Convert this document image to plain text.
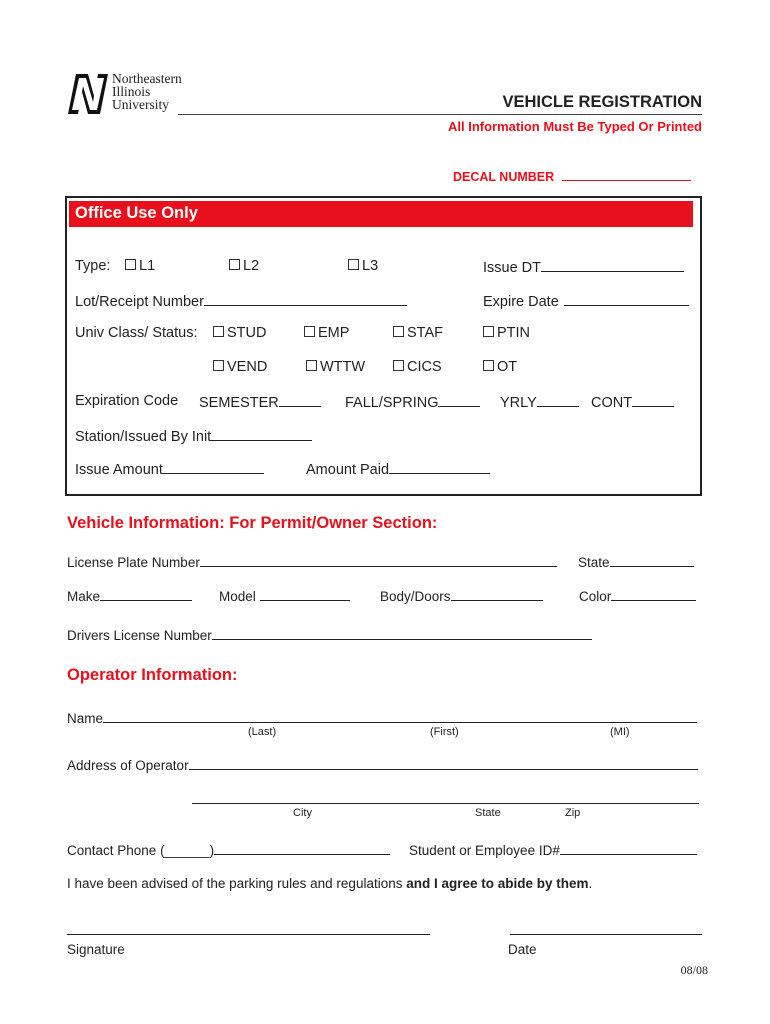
Northeastern
Illinois
University	VEHICLE REGISTRATION
All Information Must Be Typed Or Printed
DECAL NUMBER
Office Use Only
Type:	L1	L2	L3	Issue DT
Lot/Receipt Number	Expire Date
Univ Class/ Status:	STUD	EMP	STAF	PTIN
VEND	WTTW	CICS	OT
Expiration Code SEMESTER	FALL/SPRING	YRLY	CONT
Station/Issued By Init
Issue Amount	Amount Paid
Vehicle Information: For Permit/Owner Section:
License Plate Number	State
Make	Model	Body/Doors	Color
Drivers License Number
Operator Information:
Name
(Last)	(First)	(MI)
Address of Operator
City	State	Zip
Contact Phone (______)	Student or Employee ID#
I have been advised of the parking rules and regulations and I agree to abide by them.
Signature	Date
08/08
